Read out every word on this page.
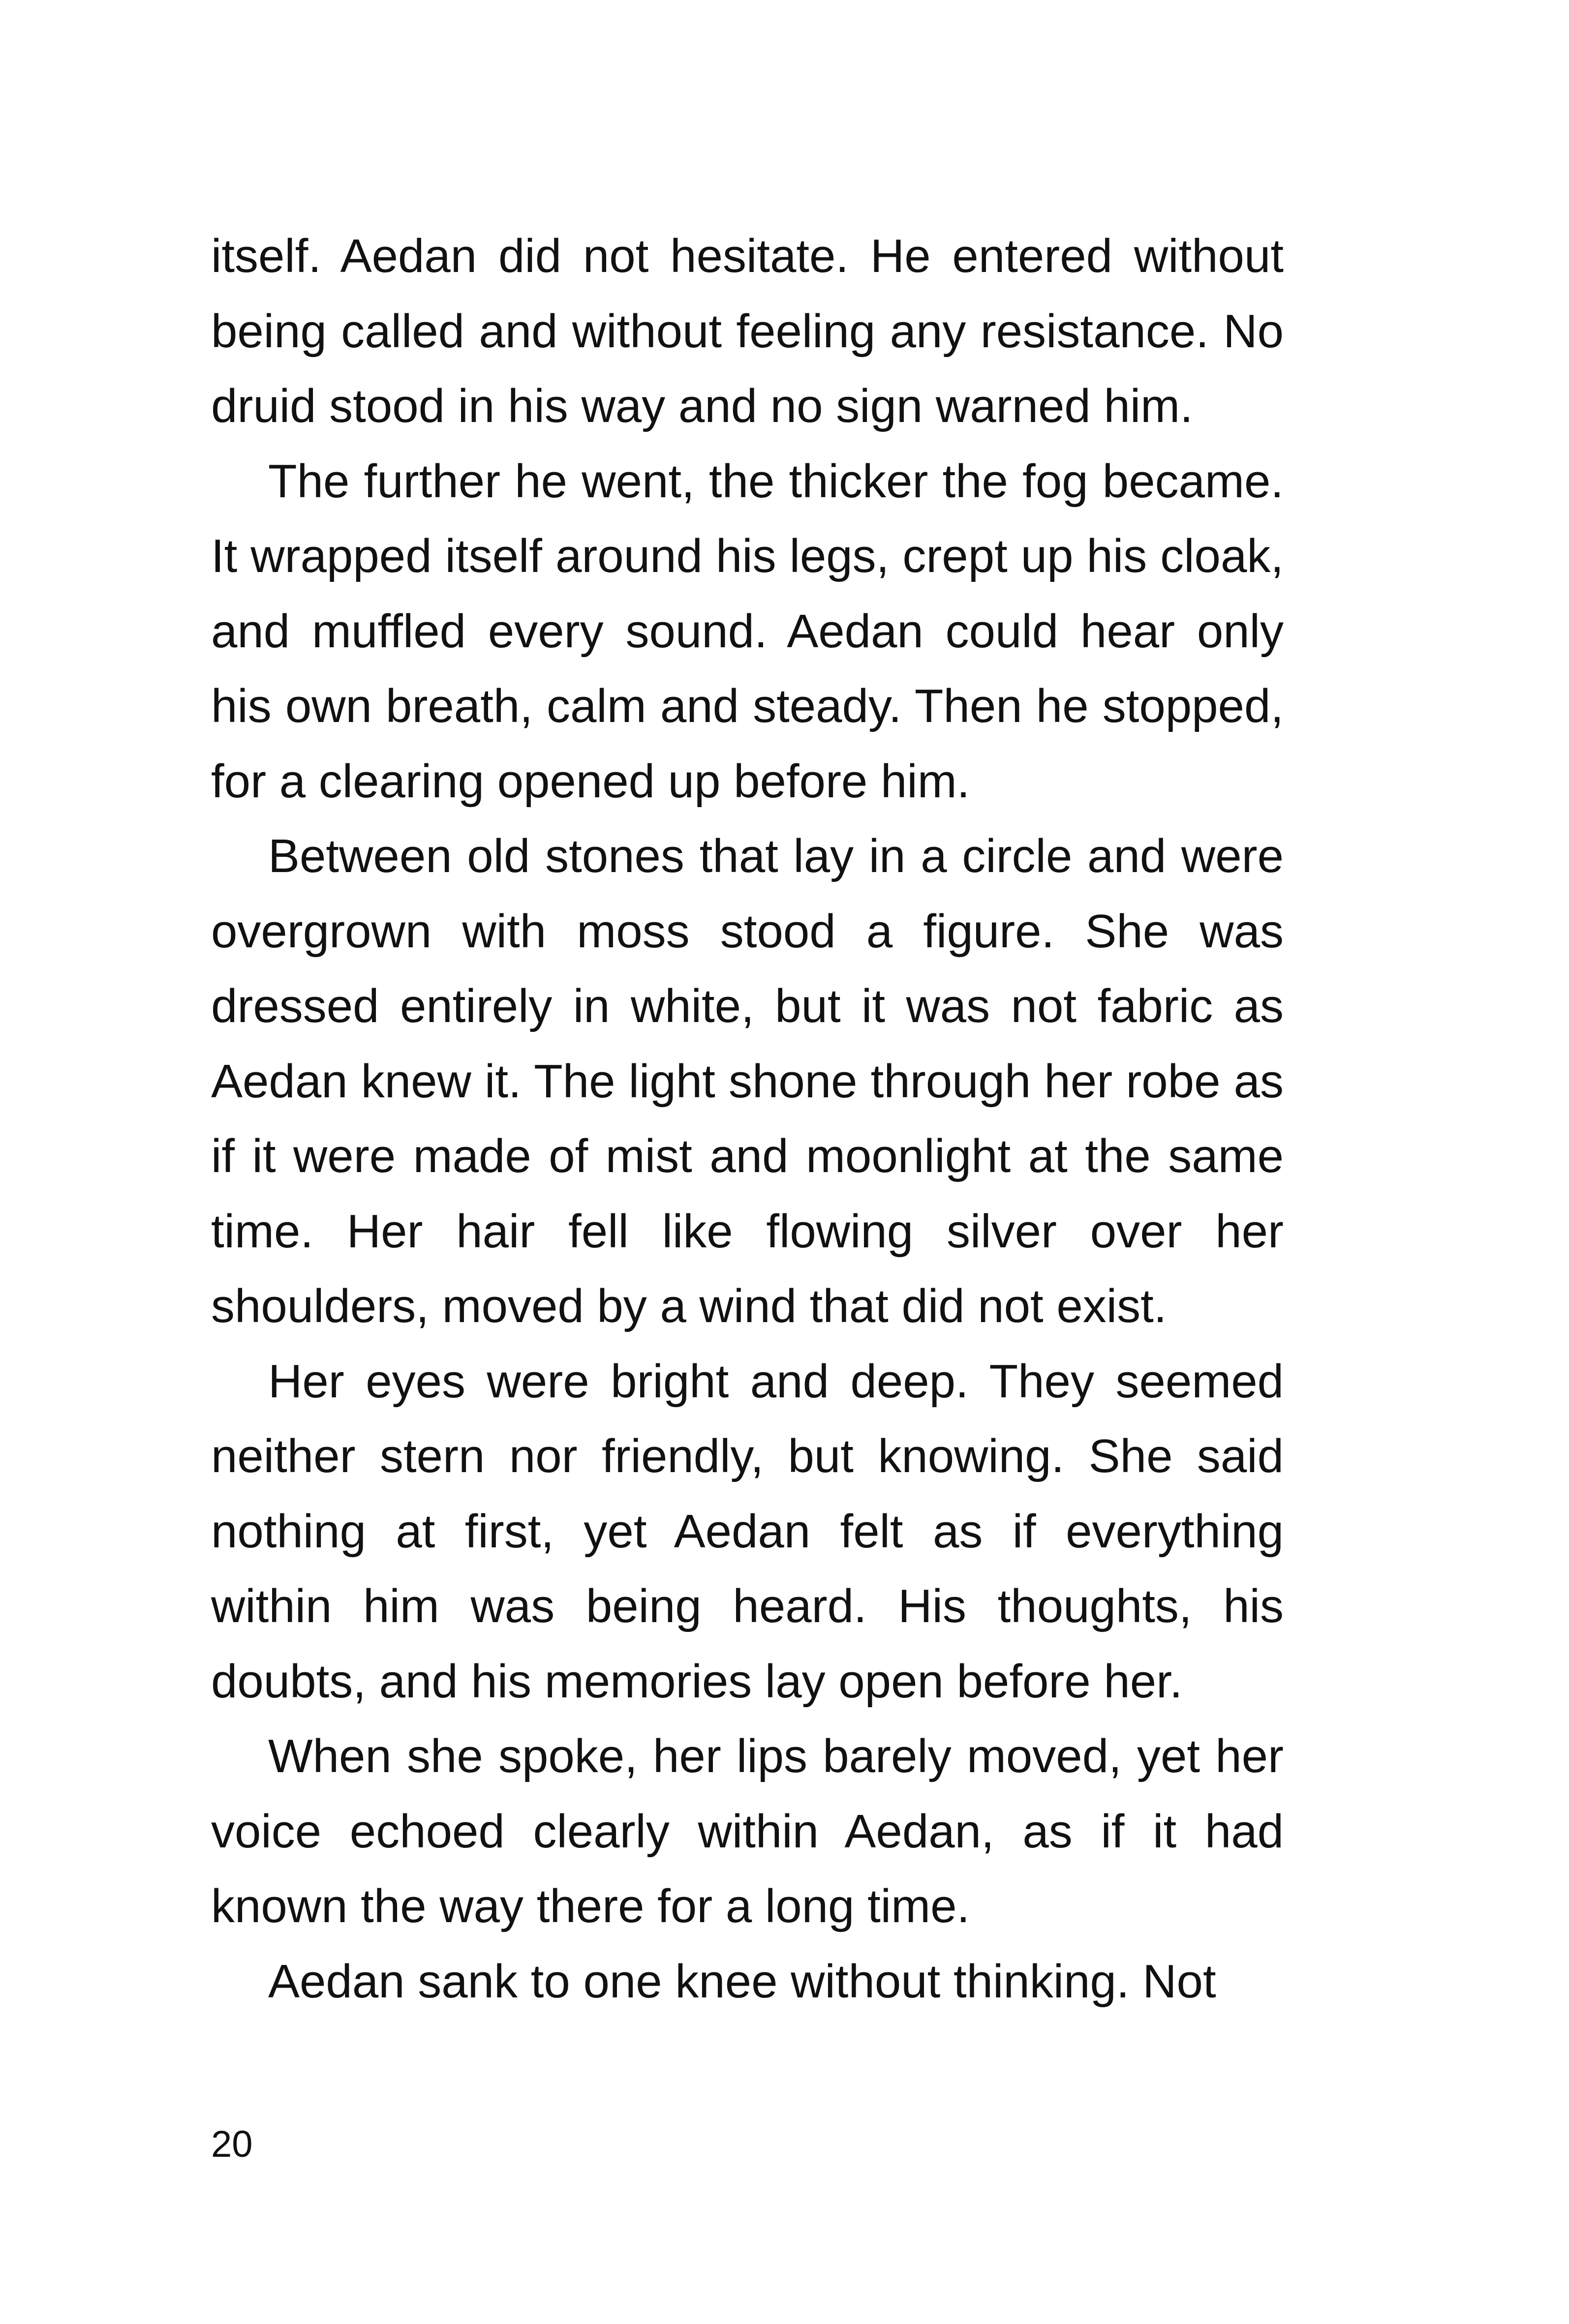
itself. Aedan did not hesitate. He entered without being called and without feeling any resistance. No druid stood in his way and no sign warned him.

The further he went, the thicker the fog became. It wrapped itself around his legs, crept up his cloak, and muffled every sound. Aedan could hear only his own breath, calm and steady. Then he stopped, for a clearing opened up before him.

Between old stones that lay in a circle and were overgrown with moss stood a figure. She was dressed entirely in white, but it was not fabric as Aedan knew it. The light shone through her robe as if it were made of mist and moonlight at the same time. Her hair fell like flowing silver over her shoulders, moved by a wind that did not exist.

Her eyes were bright and deep. They seemed neither stern nor friendly, but knowing. She said nothing at first, yet Aedan felt as if everything within him was being heard. His thoughts, his doubts, and his memories lay open before her.

When she spoke, her lips barely moved, yet her voice echoed clearly within Aedan, as if it had known the way there for a long time.

Aedan sank to one knee without thinking. Not

20
